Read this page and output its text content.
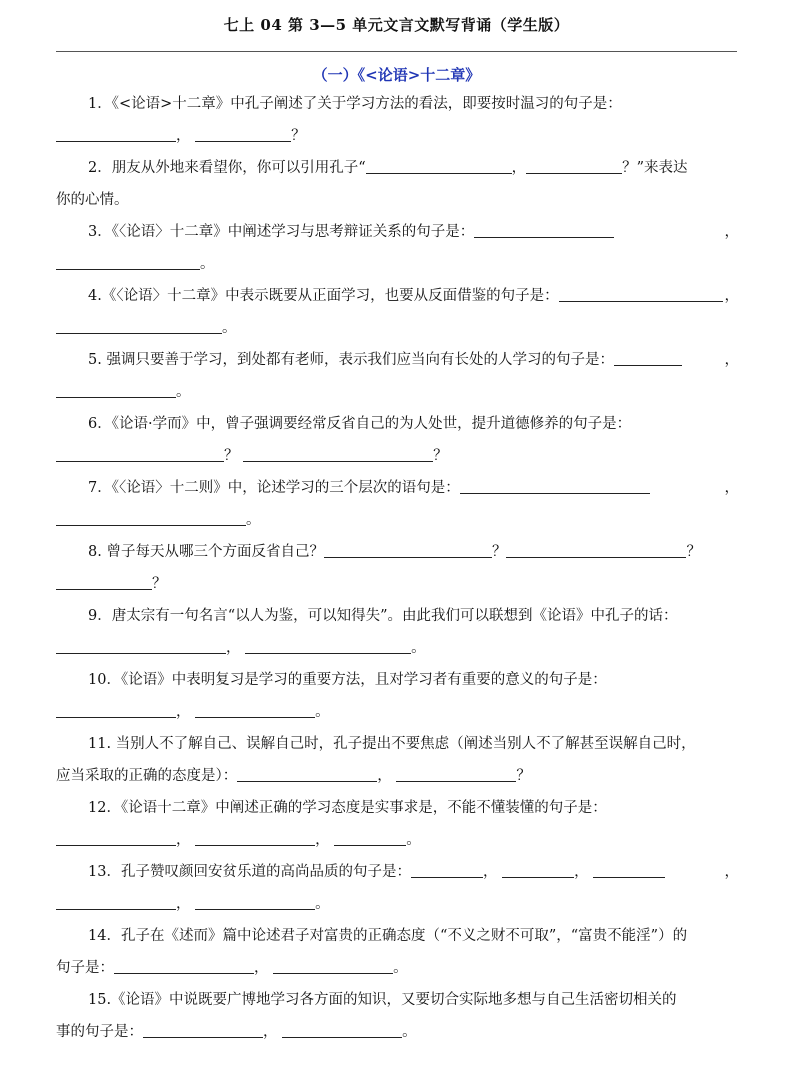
七上 04 第 3—5 单元文言文默写背诵（学生版）
（一）《<论语>十二章》
1．《<论语>十二章》中孔子阐述了关于学习方法的看法，即要按时温习的句子是：
，	？
2．朋友从外地来看望你，你可以引用孔子“	，	？”来表达
你的心情。
3．《〈论语〉十二章》中阐述学习与思考辩证关系的句子是：	，
。
4.《〈论语〉十二章》中表示既要从正面学习，也要从反面借鉴的句子是：	，
。
5. 强调只要善于学习，到处都有老师，表示我们应当向有长处的人学习的句子是：	，
。
6．《论语·学而》中，曾子强调要经常反省自己的为人处世，提升道德修养的句子是：
？	？
7．《〈论语〉十二则》中，论述学习的三个层次的语句是：	，
。
8. 曾子每天从哪三个方面反省自己？	？	？
？
9．唐太宗有一句名言“以人为鉴，可以知得失”。由此我们可以联想到《论语》中孔子的话：
，	。
10．《论语》中表明复习是学习的重要方法，且对学习者有重要的意义的句子是：
，	。
11. 当别人不了解自己、误解自己时，孔子提出不要焦虑（阐述当别人不了解甚至误解自己时，
应当采取的正确的态度是）：	，	？
12．《论语十二章》中阐述正确的学习态度是实事求是，不能不懂装懂的句子是：
，	，	。
13．孔子赞叹颜回安贫乐道的高尚品质的句子是：	，	，	，
，	。
14．孔子在《述而》篇中论述君子对富贵的正确态度（“不义之财不可取”，“富贵不能淫”）的
句子是：	，	。
15.《论语》中说既要广博地学习各方面的知识，又要切合实际地多想与自己生活密切相关的
事的句子是：	，	。
